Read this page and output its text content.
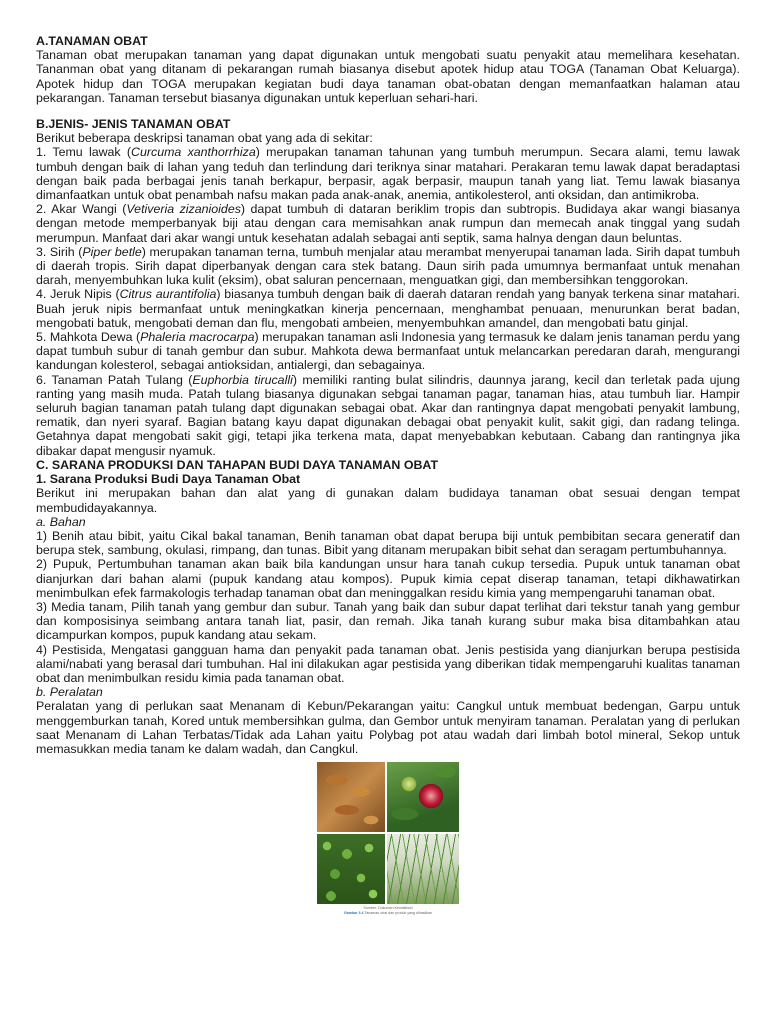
A.TANAMAN OBAT

Tanaman obat merupakan tanaman yang dapat digunakan untuk mengobati suatu penyakit atau memelihara kesehatan. Tananman obat yang ditanam di pekarangan rumah biasanya disebut apotek hidup atau TOGA (Tanaman Obat Keluarga). Apotek hidup dan TOGA merupakan kegiatan budi daya tanaman obat-obatan dengan memanfaatkan halaman atau pekarangan. Tanaman tersebut biasanya digunakan untuk keperluan sehari-hari.

B.JENIS- JENIS TANAMAN OBAT

Berikut beberapa deskripsi tanaman obat yang ada di sekitar:

1. Temu lawak (Curcuma xanthorrhiza) merupakan tanaman tahunan yang tumbuh merumpun. Secara alami, temu lawak tumbuh dengan baik di lahan yang teduh dan terlindung dari teriknya sinar matahari. Perakaran temu lawak dapat beradaptasi dengan baik pada berbagai jenis tanah berkapur, berpasir, agak berpasir, maupun tanah yang liat. Temu lawak biasanya dimanfaatkan untuk obat penambah nafsu makan pada anak-anak, anemia, antikolesterol, anti oksidan, dan antimikroba.

2. Akar Wangi (Vetiveria zizanioides) dapat tumbuh di dataran beriklim tropis dan subtropis. Budidaya akar wangi biasanya dengan metode memperbanyak biji atau dengan cara memisahkan anak rumpun dan memecah anak tinggal yang sudah merumpun. Manfaat dari akar wangi untuk kesehatan adalah sebagai anti septik, sama halnya dengan daun beluntas.

3. Sirih (Piper betle) merupakan tanaman terna, tumbuh menjalar atau merambat menyerupai tanaman lada. Sirih dapat tumbuh di daerah tropis. Sirih dapat diperbanyak dengan cara stek batang. Daun sirih pada umumnya bermanfaat untuk menahan darah, menyembuhkan luka kulit (eksim), obat saluran pencernaan, menguatkan gigi, dan membersihkan tenggorokan.

4. Jeruk Nipis (Citrus aurantifolia) biasanya tumbuh dengan baik di daerah dataran rendah yang banyak terkena sinar matahari. Buah jeruk nipis bermanfaat untuk meningkatkan kinerja pencernaan, menghambat penuaan, menurunkan berat badan, mengobati batuk, mengobati deman dan flu, mengobati ambeien, menyembuhkan amandel, dan mengobati batu ginjal.

5. Mahkota Dewa (Phaleria macrocarpa) merupakan tanaman asli Indonesia yang termasuk ke dalam jenis tanaman perdu yang dapat tumbuh subur di tanah gembur dan subur. Mahkota dewa bermanfaat untuk melancarkan peredaran darah, mengurangi kandungan kolesterol, sebagai antioksidan, antialergi, dan sebagainya.

6. Tanaman Patah Tulang (Euphorbia tirucalli) memiliki ranting bulat silindris, daunnya jarang, kecil dan terletak pada ujung ranting yang masih muda. Patah tulang biasanya digunakan sebgai tanaman pagar, tanaman hias, atau tumbuh liar. Hampir seluruh bagian tanaman patah tulang dapt digunakan sebagai obat. Akar dan rantingnya dapat mengobati penyakit lambung, rematik, dan nyeri syaraf. Bagian batang kayu dapat digunakan debagai obat penyakit kulit, sakit gigi, dan radang telinga. Getahnya dapat mengobati sakit gigi, tetapi jika terkena mata, dapat menyebabkan kebutaan. Cabang dan rantingnya jika dibakar dapat mengusir nyamuk.

C. SARANA PRODUKSI DAN TAHAPAN BUDI DAYA TANAMAN OBAT

1. Sarana Produksi Budi Daya Tanaman Obat

Berikut ini merupakan bahan dan alat yang di gunakan dalam budidaya tanaman obat sesuai dengan tempat membudidayakannya.

a. Bahan

1) Benih atau bibit, yaitu Cikal bakal tanaman, Benih tanaman obat dapat berupa biji untuk pembibitan secara generatif dan berupa stek, sambung, okulasi, rimpang, dan tunas. Bibit yang ditanam merupakan bibit sehat dan seragam pertumbuhannya.

2) Pupuk, Pertumbuhan tanaman akan baik bila kandungan unsur hara tanah cukup tersedia. Pupuk untuk tanaman obat dianjurkan dari bahan alami (pupuk kandang atau kompos). Pupuk kimia cepat diserap tanaman, tetapi dikhawatirkan menimbulkan efek farmakologis terhadap tanaman obat dan meninggalkan residu kimia yang mempengaruhi tanaman obat.

3) Media tanam, Pilih tanah yang gembur dan subur. Tanah yang baik dan subur dapat terlihat dari tekstur tanah yang gembur dan komposisinya seimbang antara tanah liat, pasir, dan remah. Jika tanah kurang subur maka bisa ditambahkan atau dicampurkan kompos, pupuk kandang atau sekam.

4) Pestisida, Mengatasi gangguan hama dan penyakit pada tanaman obat. Jenis pestisida yang dianjurkan berupa pestisida alami/nabati yang berasal dari tumbuhan. Hal ini dilakukan agar pestisida yang diberikan tidak mempengaruhi kualitas tanaman obat dan menimbulkan residu kimia pada tanaman obat.

b. Peralatan

Peralatan yang di perlukan saat Menanam di Kebun/Pekarangan yaitu: Cangkul untuk membuat bedengan, Garpu untuk menggemburkan tanah, Kored untuk membersihkan gulma, dan Gembor untuk menyiram tanaman. Peralatan yang di perlukan saat Menanam di Lahan Terbatas/Tidak ada Lahan yaitu Polybag pot atau wadah dari limbah botol mineral, Sekop untuk memasukkan media tanam ke dalam wadah, dan Cangkul.

Sumber: Dokumen Kemdikbud
Gambar 3.4 Tanaman obat dan produk yang dihasilkan
